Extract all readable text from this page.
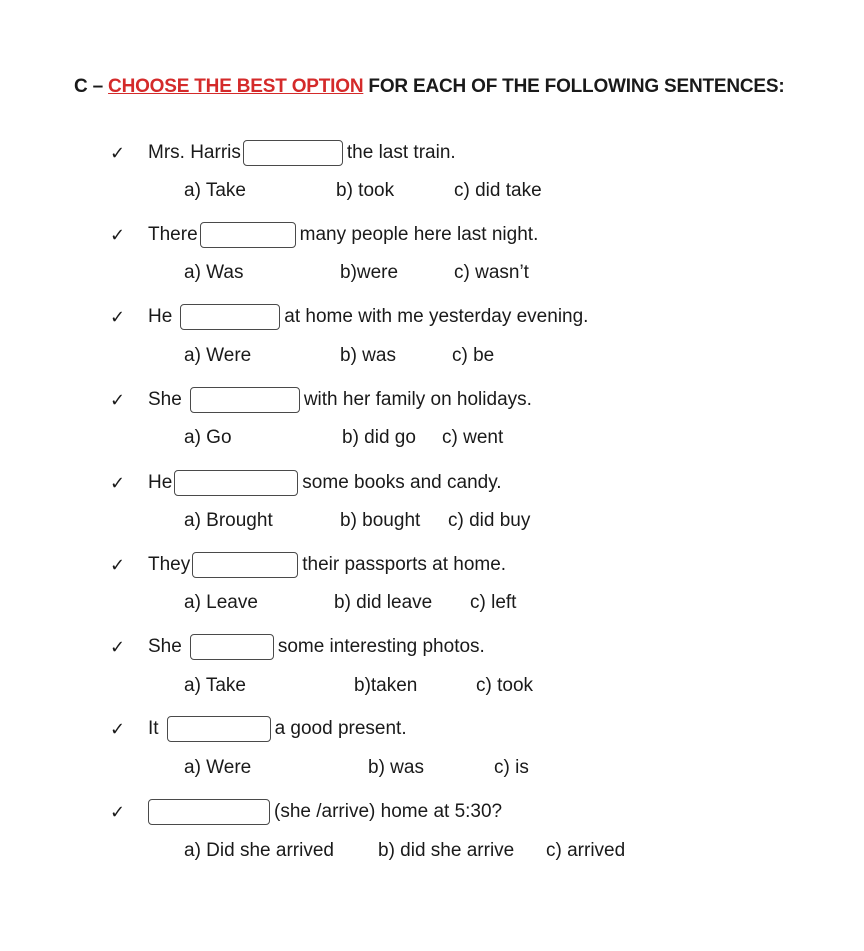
C – CHOOSE THE BEST OPTION FOR EACH OF THE FOLLOWING SENTENCES:
✓	Mrs. Harris	the last train.
a) Take	b) took	c) did take
✓	There	many people here last night.
a) Was	b)were	c) wasn’t
✓	He	at home with me yesterday evening.
a) Were	b) was	c) be
✓	She	with her family on holidays.
a) Go	b) did go c) went
✓	He	some books and candy.
a) Brought	b) bought c) did buy
✓	They	their passports at home.
a) Leave	b) did leave c) left
✓	She	some interesting photos.
a) Take	b)taken	c) took
✓	It	a good present.
a) Were	b) was	c) is
✓	(she /arrive) home at 5:30?
a) Did she arrived b) did she arrive c) arrived
